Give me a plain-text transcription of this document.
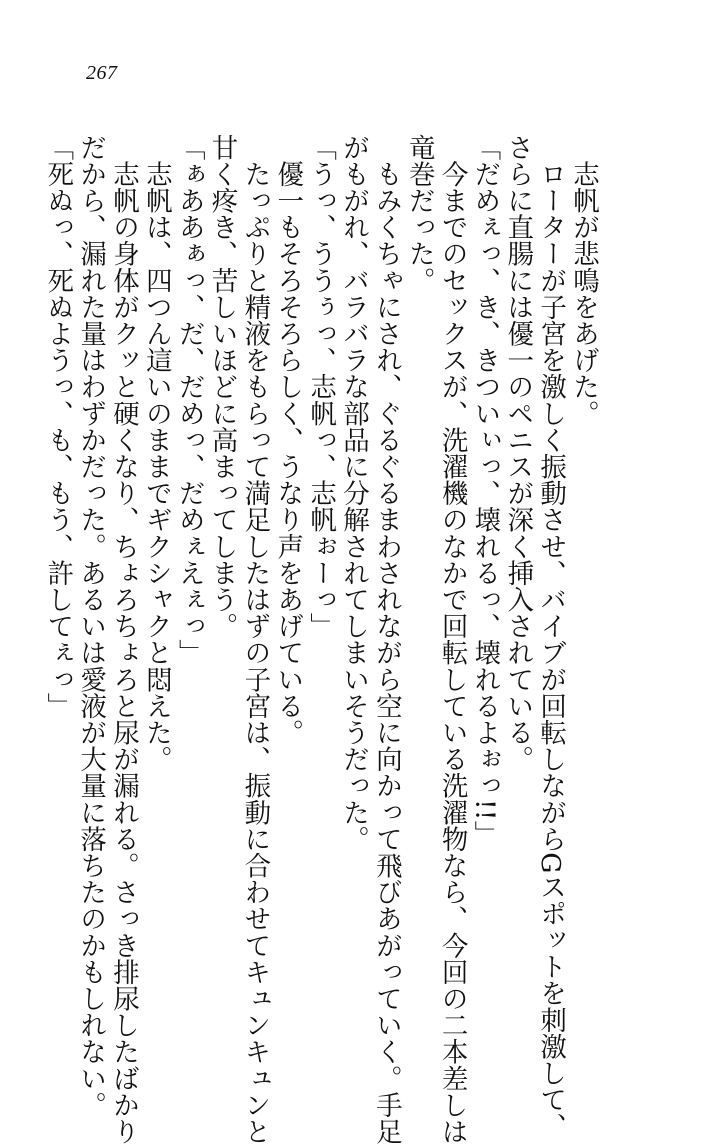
267
　志帆が悲鳴をあげた。
　ローターが子宮を激しく振動させ、バイブが回転しながらGスポットを刺激して、
さらに直腸には優一のペニスが深く挿入されている。
「だめぇっ、き、きついぃっ、壊れるっ、壊れるよぉっ!!」
　今までのセックスが、洗濯機のなかで回転している洗濯物なら、今回の二本差しは
竜巻だった。
　もみくちゃにされ、ぐるぐるまわされながら空に向かって飛びあがっていく。手足
がもがれ、バラバラな部品に分解されてしまいそうだった。
「うっ、ううぅっ、志帆っ、志帆ぉーっ」
　優一もそろそろらしく、うなり声をあげている。
　たっぷりと精液をもらって満足したはずの子宮は、振動に合わせてキュンキュンと
甘く疼き、苦しいほどに高まってしまう。
「ぁああぁっ、だ、だめっ、だめぇえぇっ」
　志帆は、四つん這いのままでギクシャクと悶えた。
　志帆の身体がクッと硬くなり、ちょろちょろと尿が漏れる。さっき排尿したばかり
だから、漏れた量はわずかだった。あるいは愛液が大量に落ちたのかもしれない。
「死ぬっ、死ぬようっ、も、もう、許してぇっ」
